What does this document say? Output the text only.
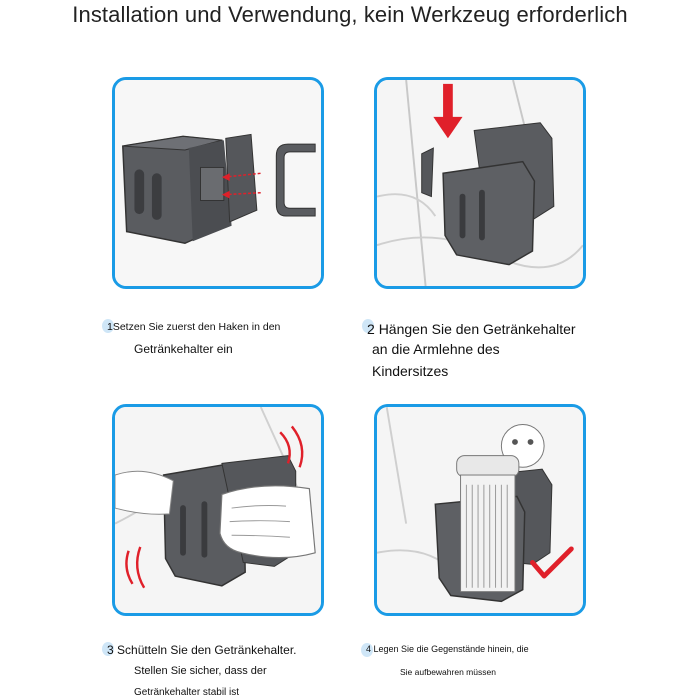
Installation und Verwendung, kein Werkzeug erforderlich
1Setzen Sie zuerst den Haken in den
Getränkehalter ein
2 Hängen Sie den Getränkehalter
an die Armlehne des
Kindersitzes
3 Schütteln Sie den Getränkehalter.
Stellen Sie sicher, dass der
Getränkehalter stabil ist
4 Legen Sie die Gegenstände hinein, die
Sie aufbewahren müssen
